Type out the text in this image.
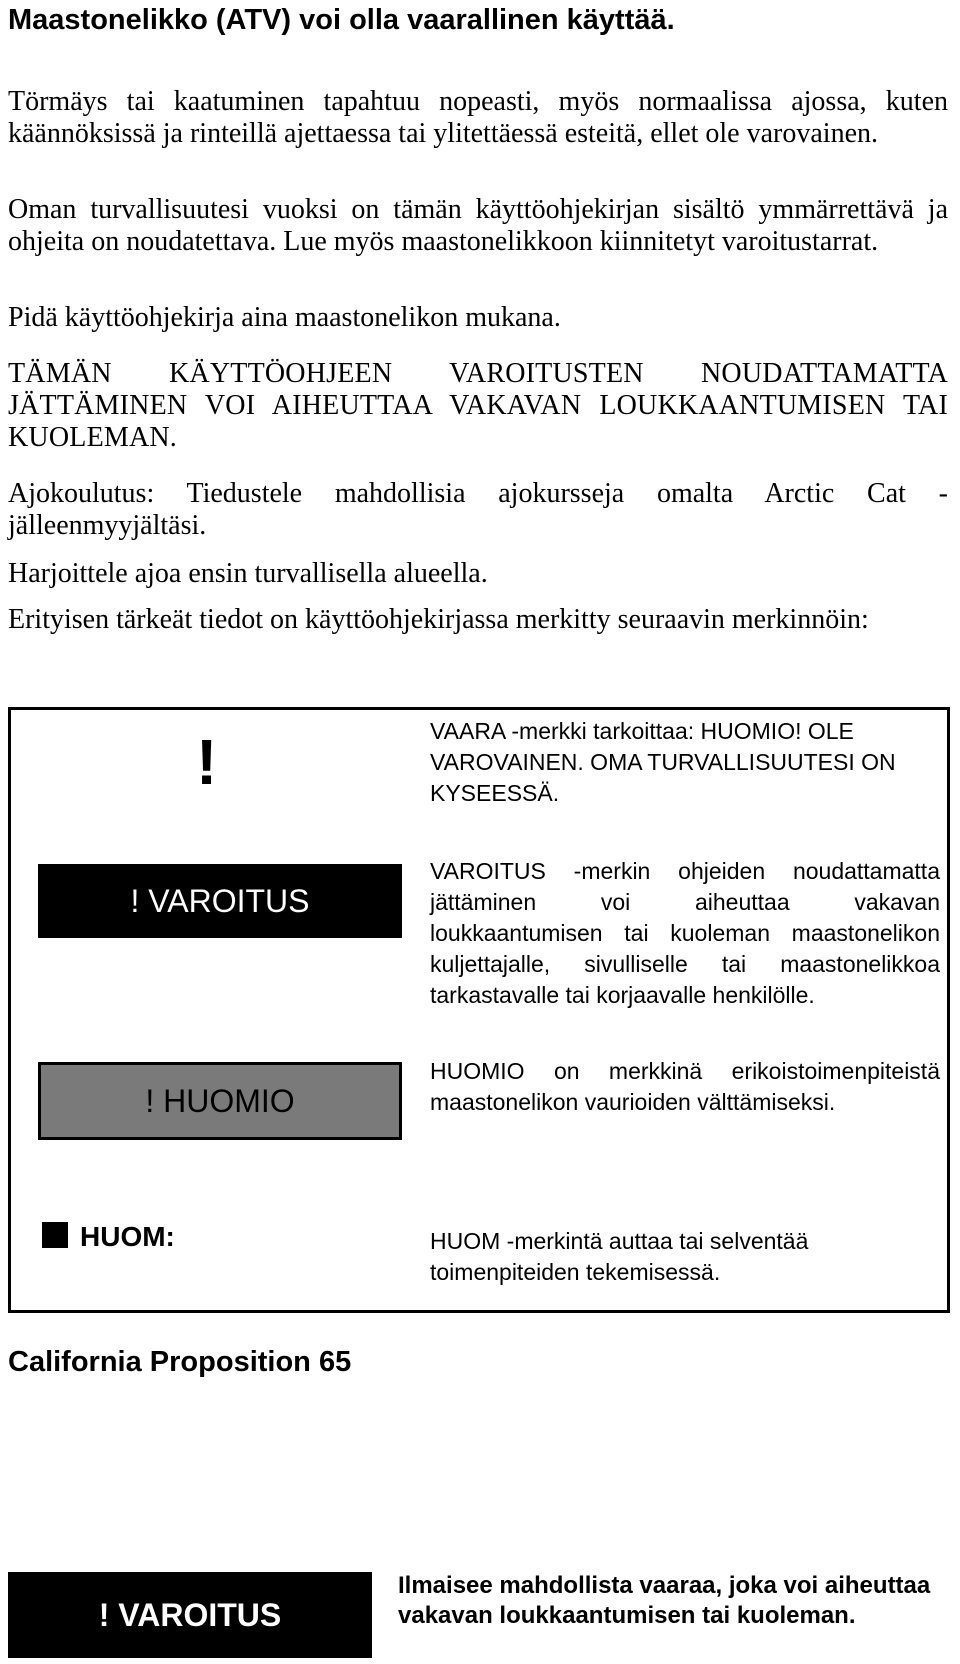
Maastonelikko (ATV) voi olla vaarallinen käyttää.

Törmäys tai kaatuminen tapahtuu nopeasti, myös normaalissa ajossa, kuten käännöksissä ja rinteillä ajettaessa tai ylitettäessä esteitä, ellet ole varovainen.

Oman turvallisuutesi vuoksi on tämän käyttöohjekirjan sisältö ymmärrettävä ja ohjeita on noudatettava. Lue myös maastonelikkoon kiinnitetyt varoitustarrat.

Pidä käyttöohjekirja aina maastonelikon mukana.

TÄMÄN KÄYTTÖOHJEEN VAROITUSTEN NOUDATTAMATTA JÄTTÄMINEN VOI AIHEUTTAA VAKAVAN LOUKKAANTUMISEN TAI KUOLEMAN.

Ajokoulutus: Tiedustele mahdollisia ajokursseja omalta Arctic Cat -jälleenmyyjältäsi.

Harjoittele ajoa ensin turvallisella alueella.

Erityisen tärkeät tiedot on käyttöohjekirjassa merkitty seuraavin merkinnöin:

!	VAARA -merkki tarkoittaa: HUOMIO! OLE VAROVAINEN. OMA TURVALLISUUTESI ON KYSEESSÄ.

! VAROITUS

VAROITUS -merkin ohjeiden noudattamatta jättäminen voi aiheuttaa vakavan loukkaantumisen tai kuoleman maastonelikon kuljettajalle, sivulliselle tai maastonelikkoa tarkastavalle tai korjaavalle henkilölle.

! HUOMIO

HUOMIO on merkkinä erikoistoimenpiteistä maastonelikon vaurioiden välttämiseksi.

HUOM:	HUOM -merkintä auttaa tai selventää toimenpiteiden tekemisessä.

California Proposition 65
! VAROITUS

Ilmaisee mahdollista vaaraa, joka voi aiheuttaa vakavan loukkaantumisen tai kuoleman.
